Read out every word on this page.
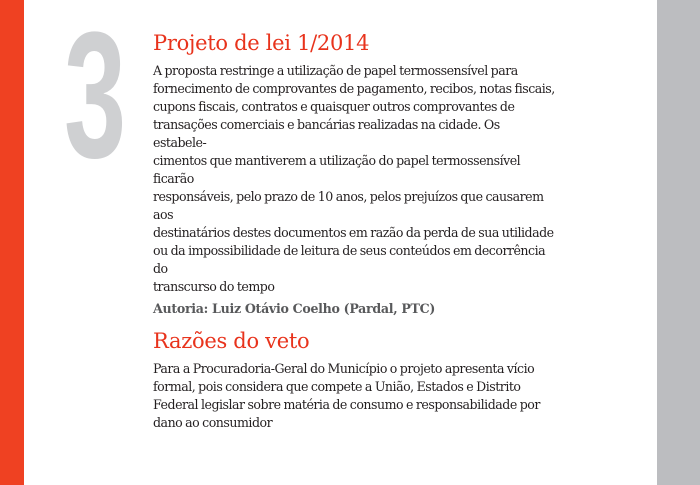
3 Projeto de lei 1/2014

A proposta restringe a utilização de papel termossensível para
fornecimento de comprovantes de pagamento, recibos, notas fiscais,
cupons fiscais, contratos e quaisquer outros comprovantes de
transações comerciais e bancárias realizadas na cidade. Os estabele-
cimentos que mantiverem a utilização do papel termossensível ficarão
responsáveis, pelo prazo de 10 anos, pelos prejuízos que causarem aos
destinatários destes documentos em razão da perda de sua utilidade
ou da impossibilidade de leitura de seus conteúdos em decorrência do
transcurso do tempo

Autoria: Luiz Otávio Coelho (Pardal, PTC)

Razões do veto

Para a Procuradoria-Geral do Município o projeto apresenta vício
formal, pois considera que compete a União, Estados e Distrito
Federal legislar sobre matéria de consumo e responsabilidade por
dano ao consumidor
